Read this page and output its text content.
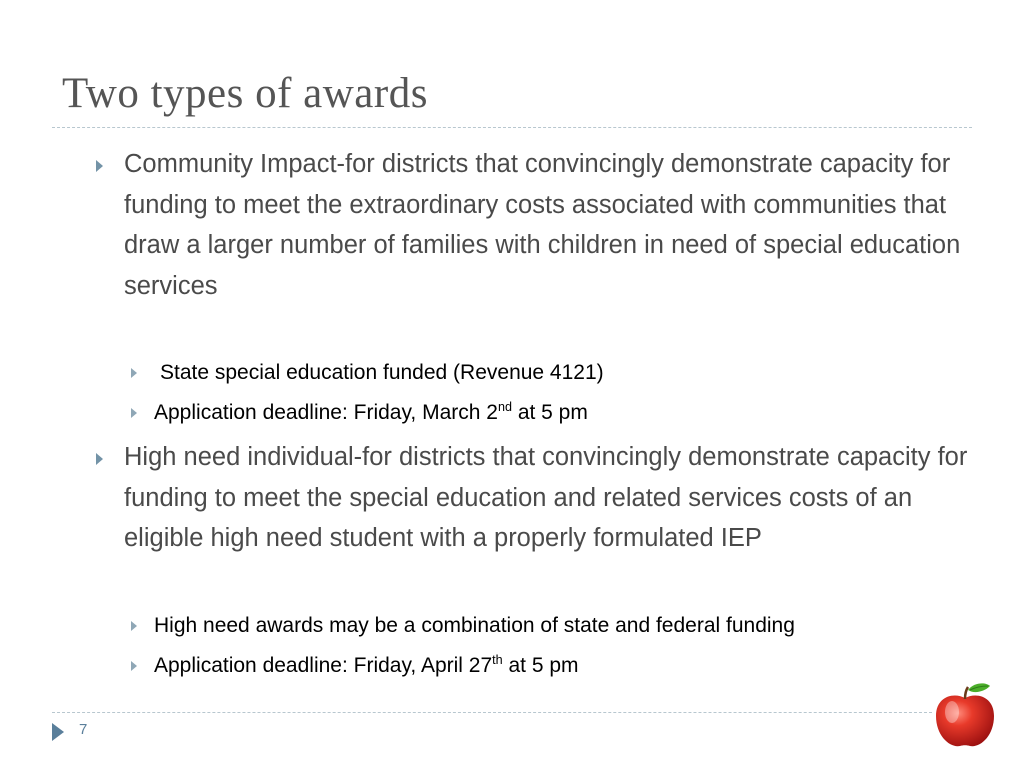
Two types of awards
Community Impact-for districts that convincingly demonstrate capacity for funding to meet the extraordinary costs associated with communities that draw a larger number of families with children in need of special education services
State special education funded (Revenue 4121)
Application deadline: Friday, March 2nd at 5 pm
High need individual-for districts that convincingly demonstrate capacity for funding to meet the special education and related services costs of an eligible high need student with a properly formulated IEP
High need awards may be a combination of state and federal funding
Application deadline: Friday, April 27th at 5 pm
7
